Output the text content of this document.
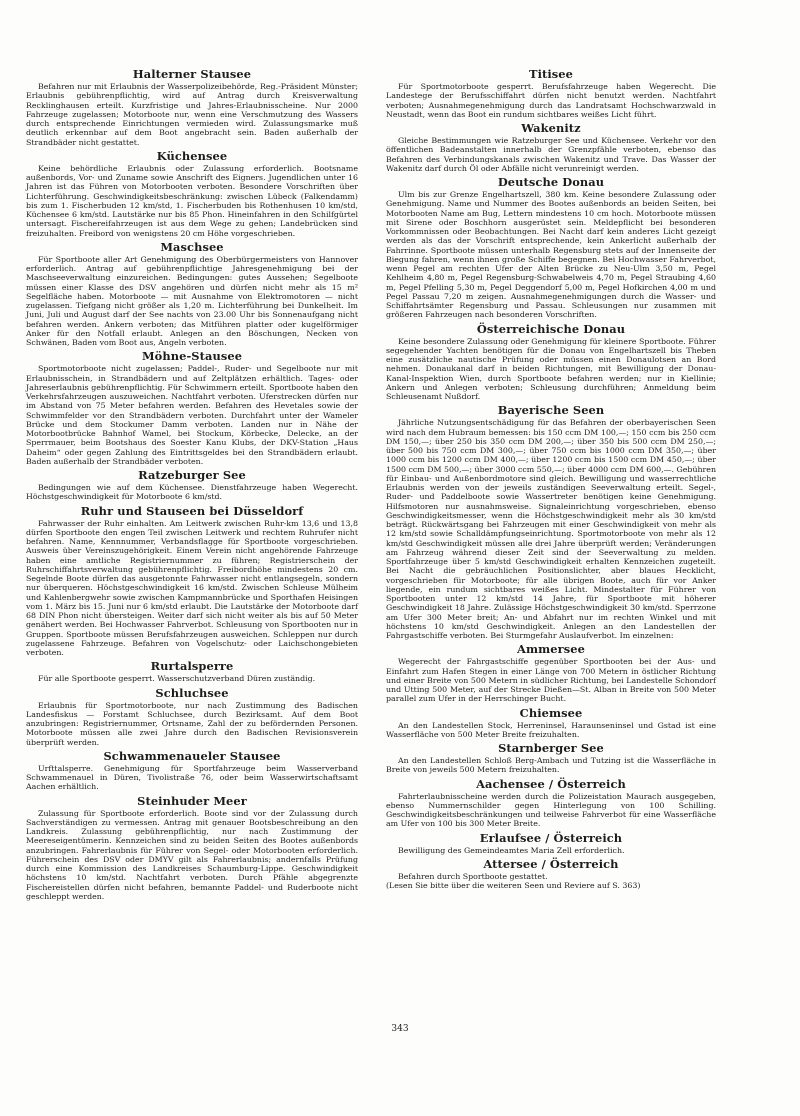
Halterner Stausee

Befahren nur mit Erlaubnis der Wasserpolizeibehörde, Reg.-Präsident Münster; Erlaubnis gebührenpflichtig, wird auf Antrag durch Kreisverwaltung Recklinghausen erteilt. Kurzfristige und Jahres-Erlaubnisscheine. Nur 2000 Fahrzeuge zugelassen; Motorboote nur, wenn eine Verschmutzung des Wassers durch entsprechende Einrichtungen vermieden wird. Zulassungsmarke muß deutlich erkennbar auf dem Boot angebracht sein. Baden außerhalb der Strandbäder nicht gestattet.

Küchensee

Keine behördliche Erlaubnis oder Zulassung erforderlich. Bootsname außenbords, Vor- und Zuname sowie Anschrift des Eigners. Jugendlichen unter 16 Jahren ist das Führen von Motorbooten verboten. Besondere Vorschriften über Lichterführung. Geschwindigkeitsbeschränkung: zwischen Lübeck (Falkendamm) bis zum 1. Fischerbuden 12 km/std, 1. Fischerbuden bis Rothenhusen 10 km/std, Küchensee 6 km/std. Lautstärke nur bis 85 Phon. Hineinfahren in den Schilfgürtel untersagt. Fischereifahrzeugen ist aus dem Wege zu gehen; Landebrücken sind freizuhalten. Freibord von wenigstens 20 cm Höhe vorgeschrieben.

Maschsee

Für Sportboote aller Art Genehmigung des Oberbürgermeisters von Hannover erforderlich. Antrag auf gebührenpflichtige Jahresgenehmigung bei der Maschseeverwaltung einzureichen. Bedingungen: gutes Aussehen; Segelboote müssen einer Klasse des DSV angehören und dürfen nicht mehr als 15 m² Segelfläche haben. Motorboote — mit Ausnahme von Elektromotoren — nicht zugelassen. Tiefgang nicht größer als 1,20 m. Lichterführung bei Dunkelheit. Im Juni, Juli und August darf der See nachts von 23.00 Uhr bis Sonnenaufgang nicht befahren werden. Ankern verboten; das Mitführen platter oder kugelförmiger Anker für den Notfall erlaubt. Anlegen an den Böschungen, Necken von Schwänen, Baden vom Boot aus, Angeln verboten.

Möhne-Stausee

Sportmotorboote nicht zugelassen; Paddel-, Ruder- und Segelboote nur mit Erlaubnisschein, in Strandbädern und auf Zeltplätzen erhältlich. Tages- oder Jahreserlaubnis gebührenpflichtig. Für Schwimmern erteilt. Sportboote haben den Verkehrsfahrzeugen auszuweichen. Nachtfahrt verboten. Uferstrecken dürfen nur im Abstand von 75 Meter befahren werden. Befahren des Hevetales sowie der Schwimmfelder vor den Strandbädern verboten. Durchfahrt unter der Wameler Brücke und dem Stockumer Damm verboten. Landen nur in Nähe der Motorbootbrücke Bahnhof Wamel, bei Stockum, Körbecke, Delecke, an der Sperrmauer, beim Bootshaus des Soester Kanu Klubs, der DKV-Station „Haus Daheim“ oder gegen Zahlung des Eintrittsgeldes bei den Strandbädern erlaubt. Baden außerhalb der Strandbäder verboten.

Ratzeburger See

Bedingungen wie auf dem Küchensee. Dienstfahrzeuge haben Wegerecht. Höchstgeschwindigkeit für Motorboote 6 km/std.

Ruhr und Stauseen bei Düsseldorf

Fahrwasser der Ruhr einhalten. Am Leitwerk zwischen Ruhr-km 13,6 und 13,8 dürfen Sportboote den engen Teil zwischen Leitwerk und rechtem Ruhrufer nicht befahren. Name, Kennnummer, Verbandsflagge für Sportboote vorgeschrieben. Ausweis über Vereinszugehörigkeit. Einem Verein nicht angehörende Fahrzeuge haben eine amtliche Registriernummer zu führen; Registrierschein der Ruhrschiffahrtsverwaltung gebührenpflichtig. Freibordhöhe mindestens 20 cm. Segelnde Boote dürfen das ausgetonnte Fahrwasser nicht entlangsegeln, sondern nur überqueren. Höchstgeschwindigkeit 16 km/std. Zwischen Schleuse Mülheim und Kahlenbergwehr sowie zwischen Kampmannbrücke und Sporthafen Heisingen vom 1. März bis 15. Juni nur 6 km/std erlaubt. Die Lautstärke der Motorboote darf 68 DIN Phon nicht übersteigen. Weiter darf sich nicht weiter als bis auf 50 Meter genähert werden. Bei Hochwasser Fahrverbot. Schleusung von Sportbooten nur in Gruppen. Sportboote müssen Berufsfahrzeugen ausweichen. Schleppen nur durch zugelassene Fahrzeuge. Befahren von Vogelschutz- oder Laichschongebieten verboten.

Rurtalsperre

Für alle Sportboote gesperrt. Wasserschutzverband Düren zuständig.

Schluchsee

Erlaubnis für Sportmotorboote, nur nach Zustimmung des Badischen Landesfiskus — Forstamt Schluchsee, durch Bezirksamt. Auf dem Boot anzubringen: Registriernummer, Ortsname, Zahl der zu befördernden Personen. Motorboote müssen alle zwei Jahre durch den Badischen Revisionsverein überprüft werden.

Schwammenaueler Stausee

Urfttalsperre. Genehmigung für Sportfahrzeuge beim Wasserverband Schwammenauel in Düren, Tivolistraße 76, oder beim Wasserwirtschaftsamt Aachen erhältlich.

Steinhuder Meer

Zulassung für Sportboote erforderlich. Boote sind vor der Zulassung durch Sachverständigen zu vermessen. Antrag mit genauer Bootsbeschreibung an den Landkreis. Zulassung gebührenpflichtig, nur nach Zustimmung der Meereseigentümerin. Kennzeichen sind zu beiden Seiten des Bootes außenbords anzubringen. Fahrerlaubnis für Führer von Segel- oder Motorbooten erforderlich. Führerschein des DSV oder DMYV gilt als Fahrerlaubnis; andernfalls Prüfung durch eine Kommission des Landkreises Schaumburg-Lippe. Geschwindigkeit höchstens 10 km/std. Nachtfahrt verboten. Durch Pfähle abgegrenzte Fischereistellen dürfen nicht befahren, bemannte Paddel- und Ruderboote nicht geschleppt werden.

Titisee

Für Sportmotorboote gesperrt. Berufsfahrzeuge haben Wegerecht. Die Landestege der Berufsschiffahrt dürfen nicht benutzt werden. Nachtfahrt verboten; Ausnahmegenehmigung durch das Landratsamt Hochschwarzwald in Neustadt, wenn das Boot ein rundum sichtbares weißes Licht führt.

Wakenitz

Gleiche Bestimmungen wie Ratzeburger See und Küchensee. Verkehr vor den öffentlichen Badeanstalten innerhalb der Grenzpfähle verboten, ebenso das Befahren des Verbindungskanals zwischen Wakenitz und Trave. Das Wasser der Wakenitz darf durch Öl oder Abfälle nicht verunreinigt werden.

Deutsche Donau

Ulm bis zur Grenze Engelhartszell, 380 km. Keine besondere Zulassung oder Genehmigung. Name und Nummer des Bootes außenbords an beiden Seiten, bei Motorbooten Name am Bug, Lettern mindestens 10 cm hoch. Motorboote müssen mit Sirene oder Boschhorn ausgerüstet sein. Meldepflicht bei besonderen Vorkommnissen oder Beobachtungen. Bei Nacht darf kein anderes Licht gezeigt werden als das der Vorschrift entsprechende, kein Ankerlicht außerhalb der Fahrrinne. Sportboote müssen unterhalb Regensburg stets auf der Innenseite der Biegung fahren, wenn ihnen große Schiffe begegnen. Bei Hochwasser Fahrverbot, wenn Pegel am rechten Ufer der Alten Brücke zu Neu-Ulm 3,50 m, Pegel Kehlheim 4,80 m, Pegel Regensburg-Schwabelweis 4,70 m, Pegel Straubing 4,60 m, Pegel Pfelling 5,30 m, Pegel Deggendorf 5,00 m, Pegel Hofkirchen 4,00 m und Pegel Passau 7,20 m zeigen. Ausnahmegenehmigungen durch die Wasser- und Schiffahrtsämter Regensburg und Passau. Schleusungen nur zusammen mit größeren Fahrzeugen nach besonderen Vorschriften.

Österreichische Donau

Keine besondere Zulassung oder Genehmigung für kleinere Sportboote. Führer segegehender Yachten benötigen für die Donau von Engelhartszell bis Theben eine zusätzliche nautische Prüfung oder müssen einen Donaulotsen an Bord nehmen. Donaukanal darf in beiden Richtungen, mit Bewilligung der Donau-Kanal-Inspektion Wien, durch Sportboote befahren werden; nur in Kiellinie; Ankern und Anlegen verboten; Schleusung durchführen; Anmeldung beim Schleusenamt Nußdorf.

Bayerische Seen

Jährliche Nutzungsentschädigung für das Befahren der oberbayerischen Seen wird nach dem Hubraum bemessen: bis 150 ccm DM 100,—; 150 ccm bis 250 ccm DM 150,—; über 250 bis 350 ccm DM 200,—; über 350 bis 500 ccm DM 250,—; über 500 bis 750 ccm DM 300,—; über 750 ccm bis 1000 ccm DM 350,—; über 1000 ccm bis 1200 ccm DM 400,—; über 1200 ccm bis 1500 ccm DM 450,—; über 1500 ccm DM 500,—; über 3000 ccm 550,—; über 4000 ccm DM 600,—. Gebühren für Einbau- und Außenbordmotore sind gleich. Bewilligung und wasserrechtliche Erlaubnis werden von der jeweils zuständigen Seeverwaltung erteilt. Segel-, Ruder- und Paddelboote sowie Wassertreter benötigen keine Genehmigung. Hilfsmotoren nur ausnahmsweise. Signaleinrichtung vorgeschrieben, ebenso Geschwindigkeitsmesser, wenn die Höchstgeschwindigkeit mehr als 30 km/std beträgt. Rückwärtsgang bei Fahrzeugen mit einer Geschwindigkeit von mehr als 12 km/std sowie Schalldämpfungseinrichtung. Sportmotorboote von mehr als 12 km/std Geschwindigkeit müssen alle drei Jahre überprüft werden; Veränderungen am Fahrzeug während dieser Zeit sind der Seeverwaltung zu melden. Sportfahrzeuge über 5 km/std Geschwindigkeit erhalten Kennzeichen zugeteilt. Bei Nacht die gebräuchlichen Positionslichter, aber blaues Hecklicht, vorgeschrieben für Motorboote; für alle übrigen Boote, auch für vor Anker liegende, ein rundum sichtbares weißes Licht. Mindestalter für Führer von Sportbooten unter 12 km/std 14 Jahre, für Sportboote mit höherer Geschwindigkeit 18 Jahre. Zulässige Höchstgeschwindigkeit 30 km/std. Sperrzone am Ufer 300 Meter breit; An- und Abfahrt nur im rechten Winkel und mit höchstens 10 km/std Geschwindigkeit. Anlegen an den Landestellen der Fahrgastschiffe verboten. Bei Sturmgefahr Auslaufverbot. Im einzelnen:

Ammersee

Wegerecht der Fahrgastschiffe gegenüber Sportbooten bei der Aus- und Einfahrt zum Hafen Stegen in einer Länge von 700 Metern in östlicher Richtung und einer Breite von 500 Metern in südlicher Richtung, bei Landestelle Schondorf und Utting 500 Meter, auf der Strecke Dießen—St. Alban in Breite von 500 Meter parallel zum Ufer in der Herrschinger Bucht.

Chiemsee

An den Landestellen Stock, Herreninsel, Haraunseninsel und Gstad ist eine Wasserfläche von 500 Meter Breite freizuhalten.

Starnberger See

An den Landestellen Schloß Berg-Ambach und Tutzing ist die Wasserfläche in Breite von jeweils 500 Metern freizuhalten.

Aachensee / Österreich

Fahrterlaubnisscheine werden durch die Polizeistation Maurach ausgegeben, ebenso Nummernschilder gegen Hinterlegung von 100 Schilling. Geschwindigkeitsbeschränkungen und teilweise Fahrverbot für eine Wasserfläche am Ufer von 100 bis 300 Meter Breite.

Erlaufsee / Österreich

Bewilligung des Gemeindeamtes Maria Zell erforderlich.

Attersee / Österreich

Befahren durch Sportboote gestattet.

(Lesen Sie bitte über die weiteren Seen und Reviere auf S. 363)

343
